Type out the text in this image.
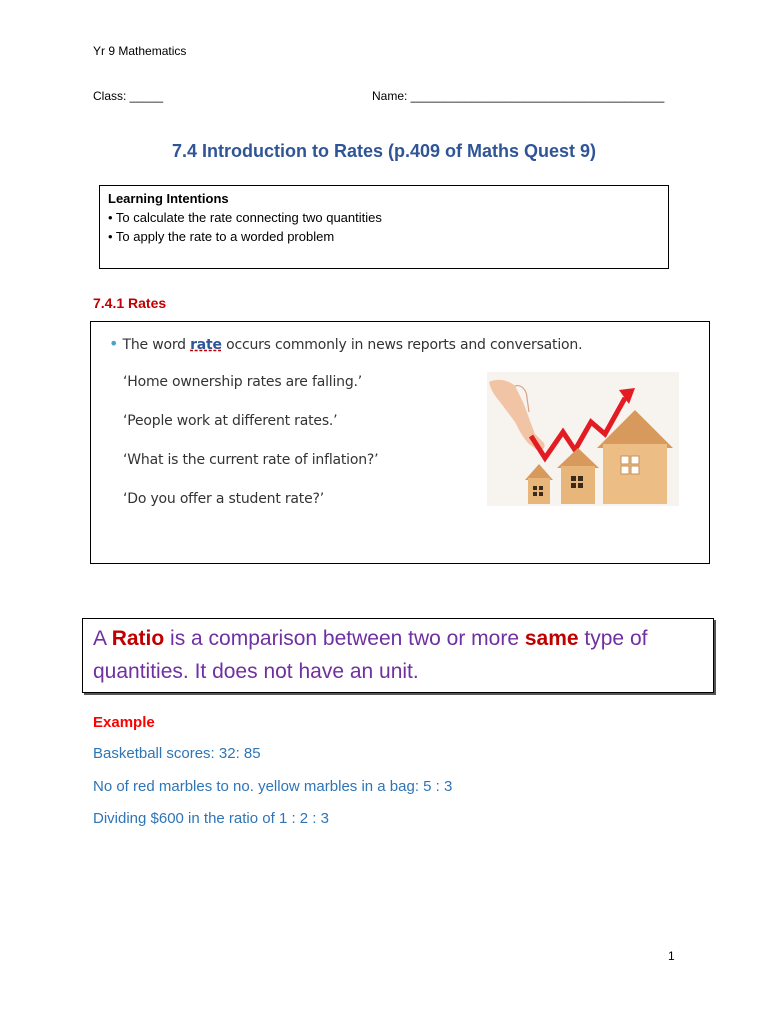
Yr 9 Mathematics
Class: _____	Name: ______________________________________
7.4 Introduction to Rates (p.409 of Maths Quest 9)
Learning Intentions
• To calculate the rate connecting two quantities
• To apply the rate to a worded problem
7.4.1 Rates
• The word rate occurs commonly in news reports and conversation.
‘Home ownership rates are falling.’
‘People work at different rates.’
‘What is the current rate of inflation?’
‘Do you offer a student rate?’
A Ratio is a comparison between two or more same type of quantities. It does not have an unit.
Example
Basketball scores: 32: 85
No of red marbles to no. yellow marbles in a bag: 5 : 3
Dividing $600 in the ratio of 1 : 2 : 3
1
